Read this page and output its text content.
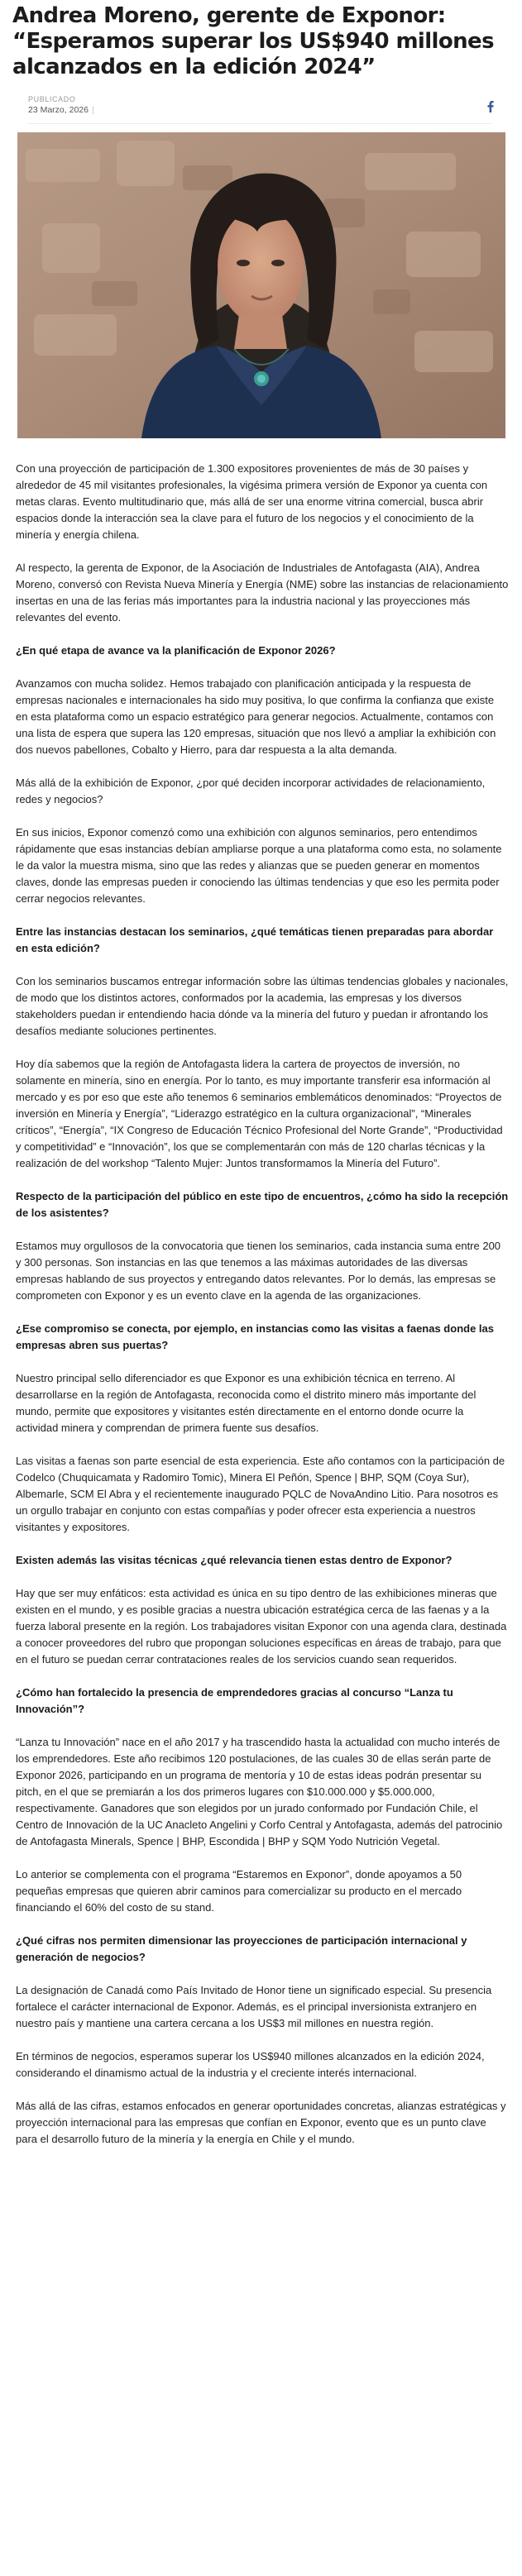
Andrea Moreno, gerente de Exponor: “Esperamos superar los US$940 millones alcanzados en la edición 2024”
PUBLICADO
23 Marzo, 2026 |

Con una proyección de participación de 1.300 expositores provenientes de más de 30 países y alrededor de 45 mil visitantes profesionales, la vigésima primera versión de Exponor ya cuenta con metas claras. Evento multitudinario que, más allá de ser una enorme vitrina comercial, busca abrir espacios donde la interacción sea la clave para el futuro de los negocios y el conocimiento de la minería y energía chilena.

Al respecto, la gerenta de Exponor, de la Asociación de Industriales de Antofagasta (AIA), Andrea Moreno, conversó con Revista Nueva Minería y Energía (NME) sobre las instancias de relacionamiento insertas en una de las ferias más importantes para la industria nacional y las proyecciones más relevantes del evento.

¿En qué etapa de avance va la planificación de Exponor 2026?

Avanzamos con mucha solidez. Hemos trabajado con planificación anticipada y la respuesta de empresas nacionales e internacionales ha sido muy positiva, lo que confirma la confianza que existe en esta plataforma como un espacio estratégico para generar negocios. Actualmente, contamos con una lista de espera que supera las 120 empresas, situación que nos llevó a ampliar la exhibición con dos nuevos pabellones, Cobalto y Hierro, para dar respuesta a la alta demanda.

Más allá de la exhibición de Exponor, ¿por qué deciden incorporar actividades de relacionamiento, redes y negocios?

En sus inicios, Exponor comenzó como una exhibición con algunos seminarios, pero entendimos rápidamente que esas instancias debían ampliarse porque a una plataforma como esta, no solamente le da valor la muestra misma, sino que las redes y alianzas que se pueden generar en momentos claves, donde las empresas pueden ir conociendo las últimas tendencias y que eso les permita poder cerrar negocios relevantes.

Entre las instancias destacan los seminarios, ¿qué temáticas tienen preparadas para abordar en esta edición?

Con los seminarios buscamos entregar información sobre las últimas tendencias globales y nacionales, de modo que los distintos actores, conformados por la academia, las empresas y los diversos stakeholders puedan ir entendiendo hacia dónde va la minería del futuro y puedan ir afrontando los desafíos mediante soluciones pertinentes.

Hoy día sabemos que la región de Antofagasta lidera la cartera de proyectos de inversión, no solamente en minería, sino en energía. Por lo tanto, es muy importante transferir esa información al mercado y es por eso que este año tenemos 6 seminarios emblemáticos denominados: “Proyectos de inversión en Minería y Energía”, “Liderazgo estratégico en la cultura organizacional”, “Minerales críticos”, “Energía”, “IX Congreso de Educación Técnico Profesional del Norte Grande”, “Productividad y competitividad” e “Innovación”, los que se complementarán con más de 120 charlas técnicas y la realización de del workshop “Talento Mujer: Juntos transformamos la Minería del Futuro”.

Respecto de la participación del público en este tipo de encuentros, ¿cómo ha sido la recepción de los asistentes?

Estamos muy orgullosos de la convocatoria que tienen los seminarios, cada instancia suma entre 200 y 300 personas. Son instancias en las que tenemos a las máximas autoridades de las diversas empresas hablando de sus proyectos y entregando datos relevantes. Por lo demás, las empresas se comprometen con Exponor y es un evento clave en la agenda de las organizaciones.

¿Ese compromiso se conecta, por ejemplo, en instancias como las visitas a faenas donde las empresas abren sus puertas?

Nuestro principal sello diferenciador es que Exponor es una exhibición técnica en terreno. Al desarrollarse en la región de Antofagasta, reconocida como el distrito minero más importante del mundo, permite que expositores y visitantes estén directamente en el entorno donde ocurre la actividad minera y comprendan de primera fuente sus desafíos.

Las visitas a faenas son parte esencial de esta experiencia. Este año contamos con la participación de Codelco (Chuquicamata y Radomiro Tomic), Minera El Peñón, Spence | BHP, SQM (Coya Sur), Albemarle, SCM El Abra y el recientemente inaugurado PQLC de NovaAndino Litio. Para nosotros es un orgullo trabajar en conjunto con estas compañías y poder ofrecer esta experiencia a nuestros visitantes y expositores.

Existen además las visitas técnicas ¿qué relevancia tienen estas dentro de Exponor?

Hay que ser muy enfáticos: esta actividad es única en su tipo dentro de las exhibiciones mineras que existen en el mundo, y es posible gracias a nuestra ubicación estratégica cerca de las faenas y a la fuerza laboral presente en la región. Los trabajadores visitan Exponor con una agenda clara, destinada a conocer proveedores del rubro que propongan soluciones específicas en áreas de trabajo, para que en el futuro se puedan cerrar contrataciones reales de los servicios cuando sean requeridos.

¿Cómo han fortalecido la presencia de emprendedores gracias al concurso “Lanza tu Innovación”?

“Lanza tu Innovación” nace en el año 2017 y ha trascendido hasta la actualidad con mucho interés de los emprendedores. Este año recibimos 120 postulaciones, de las cuales 30 de ellas serán parte de Exponor 2026, participando en un programa de mentoría y 10 de estas ideas podrán presentar su pitch, en el que se premiarán a los dos primeros lugares con $10.000.000 y $5.000.000, respectivamente. Ganadores que son elegidos por un jurado conformado por Fundación Chile, el Centro de Innovación de la UC Anacleto Angelini y Corfo Central y Antofagasta, además del patrocinio de Antofagasta Minerals, Spence | BHP, Escondida | BHP y SQM Yodo Nutrición Vegetal.

Lo anterior se complementa con el programa “Estaremos en Exponor”, donde apoyamos a 50 pequeñas empresas que quieren abrir caminos para comercializar su producto en el mercado financiando el 60% del costo de su stand.

¿Qué cifras nos permiten dimensionar las proyecciones de participación internacional y generación de negocios?

La designación de Canadá como País Invitado de Honor tiene un significado especial. Su presencia fortalece el carácter internacional de Exponor. Además, es el principal inversionista extranjero en nuestro país y mantiene una cartera cercana a los US$3 mil millones en nuestra región.

En términos de negocios, esperamos superar los US$940 millones alcanzados en la edición 2024, considerando el dinamismo actual de la industria y el creciente interés internacional.

Más allá de las cifras, estamos enfocados en generar oportunidades concretas, alianzas estratégicas y proyección internacional para las empresas que confían en Exponor, evento que es un punto clave para el desarrollo futuro de la minería y la energía en Chile y el mundo.
